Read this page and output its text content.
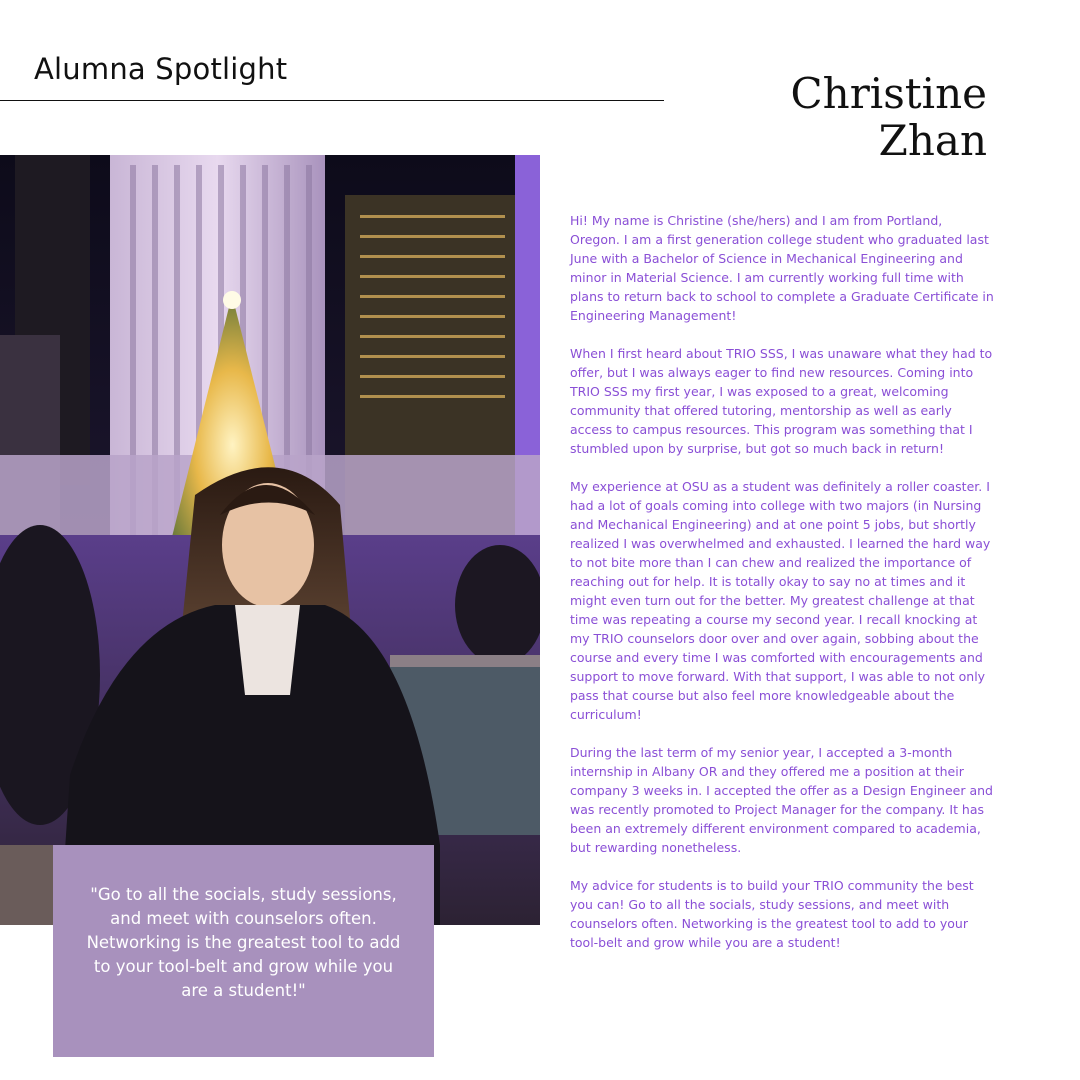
Alumna Spotlight	Christine
Zhan

"Go to all the socials, study sessions, and meet with counselors often. Networking is the greatest tool to add to your tool-belt and grow while you are a student!"

Hi! My name is Christine (she/hers) and I am from Portland, Oregon. I am a first generation college student who graduated last June with a Bachelor of Science in Mechanical Engineering and minor in Material Science. I am currently working full time with plans to return back to school to complete a Graduate Certificate in Engineering Management!

When I first heard about TRIO SSS, I was unaware what they had to offer, but I was always eager to find new resources. Coming into TRIO SSS my first year, I was exposed to a great, welcoming community that offered tutoring, mentorship as well as early access to campus resources. This program was something that I stumbled upon by surprise, but got so much back in return!

My experience at OSU as a student was definitely a roller coaster. I had a lot of goals coming into college with two majors (in Nursing and Mechanical Engineering) and at one point 5 jobs, but shortly realized I was overwhelmed and exhausted. I learned the hard way to not bite more than I can chew and realized the importance of reaching out for help. It is totally okay to say no at times and it might even turn out for the better. My greatest challenge at that time was repeating a course my second year. I recall knocking at my TRIO counselors door over and over again, sobbing about the course and every time I was comforted with encouragements and support to move forward. With that support, I was able to not only pass that course but also feel more knowledgeable about the curriculum!

During the last term of my senior year, I accepted a 3-month internship in Albany OR and they offered me a position at their company 3 weeks in. I accepted the offer as a Design Engineer and was recently promoted to Project Manager for the company. It has been an extremely different environment compared to academia, but rewarding nonetheless.

My advice for students is to build your TRIO community the best you can! Go to all the socials, study sessions, and meet with counselors often. Networking is the greatest tool to add to your tool-belt and grow while you are a student!
